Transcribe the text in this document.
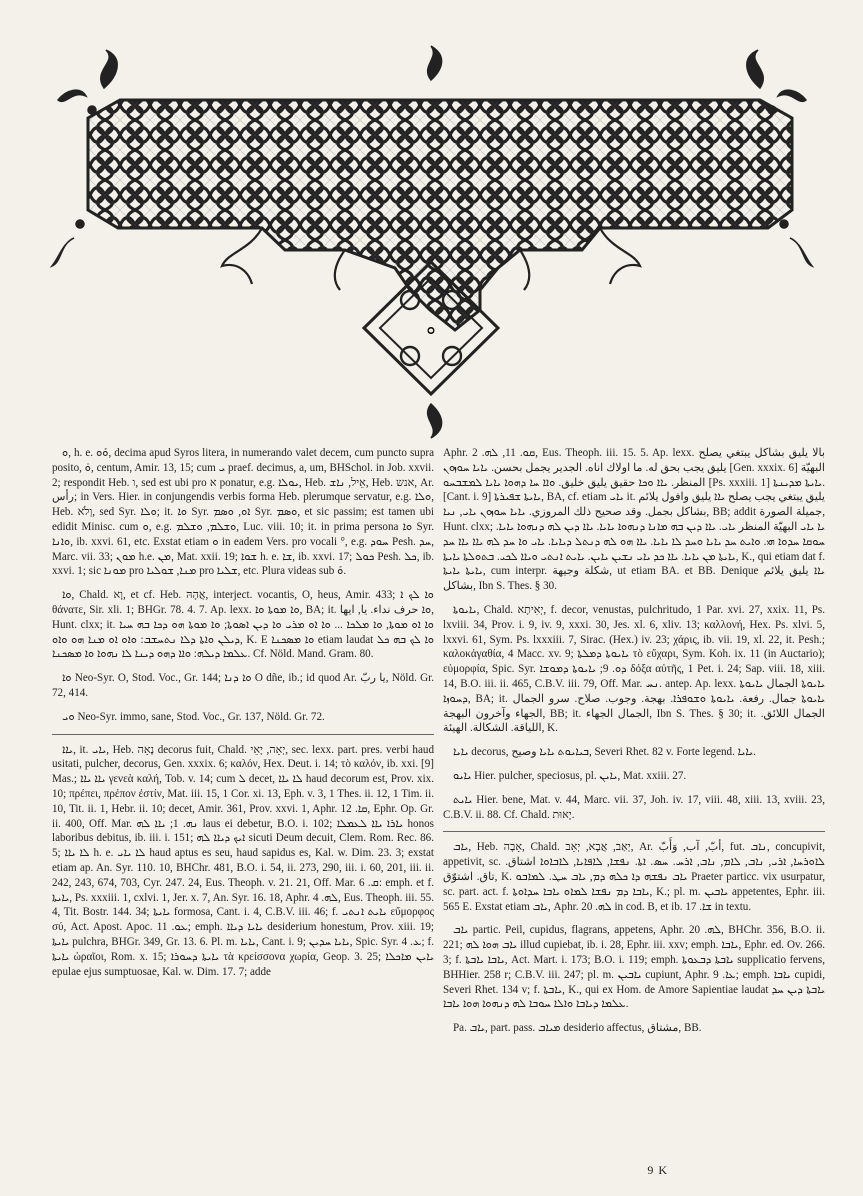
ܘ

ܘ, h. e. ܘܰܘ, decima apud Syros litera, in numerando valet decem, cum puncto supra posito, ܘ̇, centum, Amir. 13, 15; cum ܝ praef. decimus, a, um, BHSchol. in Job. xxvii. 2; respondit Heb. ו, sed est ubi pro א ponatur, e.g. ܝܘܠܐ, Heb. אֵיל, ܢܐܫ, Heb. אנש, Ar. رأس; in Vers. Hier. in conjungendis verbis forma Heb. plerumque servatur, e.g. ܘܠܐ, Heb. וְלֹא, sed Syr. ܘܠܐ; it. ܘܐ Syr. ܐܘ, ܘܣܡ Syr. ܘܣܡ, et sic passim; est tamen ubi edidit Minisc. cum ܘ, e.g. ܘܫܠܡ, ܘܫܠܡ, Luc. viii. 10; it. in prima persona ܘܐ Syr. ܘܐܢܐ, ib. xxvi. 61, etc. Exstat etiam ܘ in eadem Vers. pro vocali °, e.g. ܚܘܕ Pesh. ܚܕ, Marc. vii. 33; ܡܘܢ h.e. ܡܢ, Mat. xxii. 19; ܫܘܐ h. e. ܫܐ, ib. xxvi. 17; ܟܘܠ Pesh. ܟܠ, ib. xxvi. 1; sic ܡܘܢܐ pro ܡܢܐ, ܫܘܠܝܐ pro ܫܠܝܐ, etc. Plura videas sub ܘܰ.

ܘܐ, Chald. וָא, et cf. Heb. אֲהָהּ, interject. vocantis, O, heus, Amir. 433; ܘܐ ܠܟ ܐ θάνατε, Sir. xli. 1; BHGr. 78. 4. 7. Ap. lexx. ܘܐ ܡܘܬܐ ܘܐ, BA; it. ܘܐ حرف نداء. يا, ايها, Hunt. clxx; it. ܘܐ ܐܘ ܡܘܬܐ, ܘܐ ܡܠܟܐ ... ܘܐ ܐܘ ܡܪܝ ܘܐ ܕܝܢ ܐܣܘܬܐ; ܘܐ ܡܘܬܐ ܗܘ ܕܟܐ ܒܗ ܚܝܐ ܕܝܠܢ ܘܐܬܐ ܕܠܐ ܢܬܚܫܒ: ܘܐܘ ܐܘ ܡܢܐ ܗܘ ܘܐܘ, K. E ܘܐ ܡܣܟܢܐ etiam laudat ܘܐ ܠܟ ܒܗ ܟܠ ܥܠܡܐ ܕܝܠܗ: ܘܐܐ ܕܗܘ ܕܝܢܐ ܠܐ ܢܗܘܐ ܘܐ ܡܣܟܢܐ. Cf. Nöld. Mand. Gram. 80.

ܘܐ Neo-Syr. O, Stod. Voc., Gr. 144; ܘܐ ܕܢܐ O dñe, ib.; id quod Ar. يا ربّ, Nöld. Gr. 72, 414.

ܘܝ Neo-Syr. immo, sane, Stod. Voc., Gr. 137, Nöld. Gr. 72.

ܝܐܐ, it. ܝܐܝ, Heb. נָאָה decorus fuit, Chald. יְאָה, יָאֵי, sec. lexx. part. pres. verbi haud usitati, pulcher, decorus, Gen. xxxix. 6; καλόν, Hex. Deut. i. 14; τὸ καλόν, ib. xxi. [9] Mas.; ܝܐܐ ܝܐܐ γενεὰ καλή, Tob. v. 14; cum ܠ decet, ܠܐ ܝܐܐ haud decorum est, Prov. xix. 10; πρέπει, πρέπον ἐστίν, Mat. iii. 15, 1 Cor. xi. 13, Eph. v. 3, 1 Thes. ii. 12, 1 Tim. ii. 10, Tit. ii. 1, Hebr. ii. 10; decet, Amir. 361, Prov. xxvi. 1, Aphr. ܩܐ. 12, Ephr. Op. Gr. ii. 400, Off. Mar. ܢܗ. 1; ܝܐܐ ܠܗ laus ei debetur, B.O. i. 102; ܝܐܪܐ ܝܐܐ ܠܥܡܠܐ honos laboribus debitus, ib. iii. i. 151; ܐܝܟ ܕܝܐܐ ܠܗ sicuti Deum decuit, Clem. Rom. Rec. 86. 5; ܠܐ ܝܐܐ h. e. ܠܐ ܝܐܝ haud aptus es seu, haud sapidus es, Kal. w. Dim. 23. 3; exstat etiam ap. An. Syr. 110. 10, BHChr. 481, B.O. i. 54, ii. 273, 290, iii. i. 60, 201, iii. ii. 242, 243, 674, 703, Cyr. 247. 24, Eus. Theoph. v. 21. 21, Off. Mar. ܩ. 6: emph. et f. ܝܐܝܬܐ, Ps. xxxiii. 1, cxlvi. 1, Jer. x. 7, An. Syr. 16. 18, Aphr. ܠܗ. 4, Eus. Theoph. iii. 55. 4, Tit. Bostr. 144. 34; ܝܐܝܬܐ formosa, Cant. i. 4, C.B.V. iii. 46; f. ܝܐܝܬ ܐܢܬܝ εὔμορφος σύ, Act. Apost. Apoc. ܥܘ. 11; emph. ܝܐܝܐ ܕܝܐܐ desiderium honestum, Prov. xiii. 19; ܝܐܝܬܐ pulchra, BHGr. 349, Gr. 13. 6. Pl. m. ܝܐܝܐ, Cant. i. 9; ܝܐܝܐ ܚܕܝܢ, Spic. Syr. ܥ. 4; f. ܝܐܝܬܐ ὡραῖοι, Rom. x. 15; ܝܐܝܬܐ ܕܚܘܪܐ τὰ κρείσσονα χωρία, Geop. 3. 25; ܝܐܝܢ ܡܐܟܠܐ epulae ejus sumptuosae, Kal. w. Dim. 17. 7; adde

Aphr. ܩܘ. 11, ܠܗ. 2, Eus. Theoph. iii. 15. 5. Ap. lexx. بالا يليق بشاكل يبتغي يصلح يليق يجب بحق له. ما اولاك اناه. الجدير يجمل بحسن. ܝܐܝܐ ܚܘܙܘܢ [Gen. xxxix. 6] البهيّة المنظر. ܝܐܐ ܘܟܐ حقيق يليق خليق. ܘܐܐ ܚܐ ܕܗܘܐ ܝܐܝܐ ܠܡܫܒܚܘ [Ps. xxxiii. 1] ܝܐܝܬܐ ܡܕܝܢܬܐ. [Cant. i. 9] ܝܐܝܬܐ ܫܦܝܪܬܐ, BA, cf. etiam ܝܐܝ it. يليق يبتغي يجب يصلح ܝܐܐ يليق وافول يلائم بشاكل بجمل. وقد صحيح ذلك المروزي. ܝܐܝܐ ܚܘܙܘܢ ܝܐܝ, ܢܝܐ, BB; addit جميلة الصورة, Hunt. clxx; ܝܐ ܝܐܝ البهيّة المنظر ܝܐܝ. ܝܐܐ ܕܝܢ ܒܗ ܡܐܢܐ ܕܢܗܘܐ ܝܐܝܐ. ܝܐܐ ܕܝܢ ܠܗ ܕܢܗܘܐ ܝܐܝܐ. ܚܘܩܐ ܚܕܘܐ ܗܝ. ܘܐܝܬ ܚܕ ܝܐܝܐ ܘܚܕ ܠܐ ܝܐܝܐ. ܝܐܐ ܗܘ ܠܗ ܕܢܬܠ ܕܝܐܝܐ. ܝܐܝ ܘܐ ܚܕ ܠܗ ܝܐܐ ܝܐܐ ܚܕ ܝܐܝܬܐ ܡܢ ܝܐܝܐ. ܝܐܐ ܟܕ ܝܐܝ ܢܫܝܢ ܝܐܝܢ. ܝܐܝܬ ܐܢܬܝ ܘܝܐܐ ܠܟܝ. ܒܬܘܠܬܐ ܝܐܝܬܐ, K., qui etiam dat f. ܝܐܝܬܐ ܝܐܝܬܐ, cum interpr. شكلة وجيهة, ut etiam BA. et BB. Denique ܝܐܐ يليق يلائم بشاكل, Ibn S. Thes. § 30.

ܝܐܝܘܬܐ, Chald. יְאִיתָא, f. decor, venustas, pulchritudo, 1 Par. xvi. 27, xxix. 11, Ps. lxviii. 34, Prov. i. 9, iv. 9, xxxi. 30, Jes. xl. 6, xliv. 13; καλλονή, Hex. Ps. xlvi. 5, lxxvi. 61, Sym. Ps. lxxxiii. 7, Sirac. (Hex.) iv. 23; χάρις, ib. vii. 19, xl. 22, it. Pesh.; καλοκἀγαθία, 4 Macc. xv. 9; ܝܐܝܘܬܐ ܕܡܠܬܐ τὸ εὔχαρι, Sym. Koh. ix. 11 (in Auctario); εὐμορφία, Spic. Syr. ܕܘ. 9; ܝܐܝܘܬܐ ܕܡܘܫܐ δόξα αὐτῆς, 1 Pet. i. 24; Sap. viii. 18, xiii. 14, B.O. iii. ii. 465, C.B.V. iii. 79, Off. Mar. ܢܚ. antep. Ap. lexx. ܝܐܝܘܬܐ الجمال ܝܐܝܘܬܐ ܕܚܘܙܐ, BA; it. ܝܐܝܘܬܐ جمال. رفعة. ܝܐܝܘܬܐ ܘܫܘܦܪܐ. بهجة. وجوب. صلاح. سرو الجمال الجهاء وآخرون البهجة, BB; it. الجمال الجهاء, Ibn S. Thes. § 30; it. الجمال اللائق. اللياقة. الشكالة. الهيئة, K.

ܝܐܝܐ decorus, ܒܝܐܝܘܬ ܝܐܝܐ وصيح, Severi Rhet. 82 v. Forte legend. ܝܐܝܐ.

ܝܐܝܘ Hier. pulcher, speciosus, pl. ܝܐܝܢ, Mat. xxiii. 27.

ܝܐܝܬ Hier. bene, Mat. v. 44, Marc. vii. 37, Joh. iv. 17, viii. 48, xiii. 13, xviii. 23, C.B.V. ii. 88. Cf. Chald. יָאוּת.

ܝܐܒ, Heb. אָבָה, Chald. יְאַב, אֲבָא, יְאֵב, Ar. أبّ, آب, وَأَبّ, fut. ܢܐܒ, concupivit, appetivit, sc. ܠܐܘܪܚܐ, ܐܪܝ, ܢܐܒ, ܠܐܡ, ܢܐܒ, ܐܪܚ. ܚܣ. ܐܬܐ. ܢܦܫܐ, ܠܐܦܐܝܐ, ܠܐܒܐܘܐ اشتاق. تاق. اشتوّق, K. ܝܐܒ ܢܦܫܗ ܕܐ ܟܠܗ ܕܡ, ܝܐܒ ܚܛ. ܠܡܐܒܘ Praeter particc. vix usurpatur, sc. part. act. f. ܝܐܒܐ ܕܡ ܢܦܫܐ ܠܡܐܘ ܝܐܒܐ ܚܕܐܘܬܐ, K.; pl. m. ܝܐܒܝܢ appetentes, Ephr. iii. 565 E. Exstat etiam ܝܐܒ, Aphr. ܠܗ. 20 in cod. B, et ib. ܫܐ. 17 in textu.

ܝܐܒ partic. Peil, cupidus, flagrans, appetens, Aphr. ܠܗ. 20, BHChr. 356, B.O. ii. 221; ܝܐܒ ܗܘܐ ܠܗ illud cupiebat, ib. i. 28, Ephr. iii. xxv; emph. ܝܐܒܐ, Ephr. ed. Ov. 266. 3; f. ܝܐܒܐ ܝܐܒܬܐ, Act. Mart. i. 173; B.O. i. 119; emph. ܝܐܒܬܐ ܕܒܥܘܬܐ supplicatio fervens, BHHier. 258 r; C.B.V. iii. 247; pl. m. ܝܐܒܝܢ cupiunt, Aphr. ܥܐ. 9; emph. ܝܐܒܐ cupidi, Severi Rhet. 134 v; f. ܝܐܒܬܐ, K., qui ex Hom. de Amore Sapientiae laudat ܝܐܒܬܐ ܕܝܢ ܚܕ ܥܠܡܐ ܕܝܐܒܐ ܘܐܠܐ ܚܘܒܐ ܠܗ ܕܢܗܘܐ ܗܘܐ ܝܐܒܐ.

Pa. ܝܐܒ, part. pass. ܡܝܐܒ desiderio affectus, مشتاق, BB.

9 K
